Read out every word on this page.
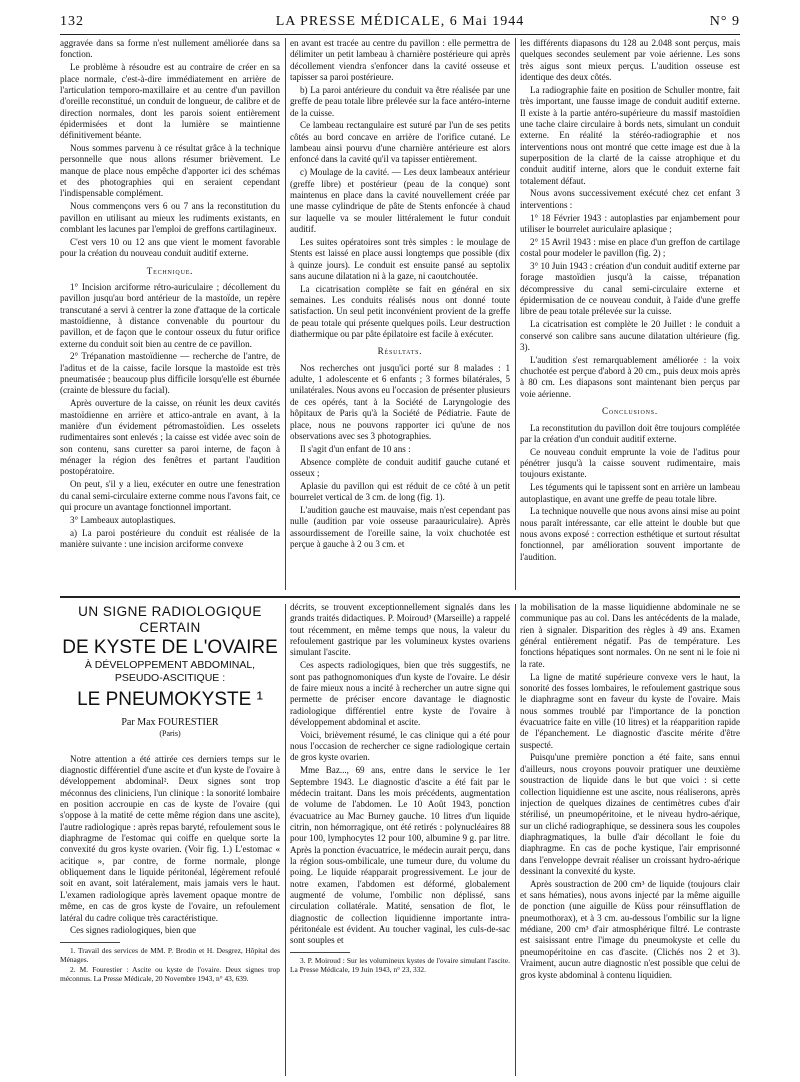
132	LA PRESSE MÉDICALE, 6 Mai 1944	N° 9

aggravée dans sa forme n'est nullement améliorée dans sa fonction.

Le problème à résoudre est au contraire de créer en sa place normale, c'est-à-dire immédiatement en arrière de l'articulation temporo-maxillaire et au centre d'un pavillon d'oreille reconstitué, un conduit de longueur, de calibre et de direction normales, dont les parois soient entièrement épidermisées et dont la lumière se maintienne définitivement béante.

Nous sommes parvenu à ce résultat grâce à la technique personnelle que nous allons résumer brièvement. Le manque de place nous empêche d'apporter ici des schémas et des photographies qui en seraient cependant l'indispensable complément.

Nous commençons vers 6 ou 7 ans la reconstitution du pavillon en utilisant au mieux les rudiments existants, en comblant les lacunes par l'emploi de greffons cartilagineux.

C'est vers 10 ou 12 ans que vient le moment favorable pour la création du nouveau conduit auditif externe.

Technique.

1° Incision arciforme rétro-auriculaire ; décollement du pavillon jusqu'au bord antérieur de la mastoïde, un repère transcutané a servi à centrer la zone d'attaque de la corticale mastoïdienne, à distance convenable du pourtour du pavillon, et de façon que le contour osseux du futur orifice externe du conduit soit bien au centre de ce pavillon.

2° Trépanation mastoïdienne — recherche de l'antre, de l'aditus et de la caisse, facile lorsque la mastoïde est très pneumatisée ; beaucoup plus difficile lorsqu'elle est éburnée (crainte de blessure du facial).

Après ouverture de la caisse, on réunit les deux cavités mastoïdienne en arrière et attico-antrale en avant, à la manière d'un évidement pétromastoïdien. Les osselets rudimentaires sont enlevés ; la caisse est vidée avec soin de son contenu, sans curetter sa paroi interne, de façon à ménager la région des fenêtres et partant l'audition postopératoire.

On peut, s'il y a lieu, exécuter en outre une fenestration du canal semi-circulaire externe comme nous l'avons fait, ce qui procure un avantage fonctionnel important.

3° Lambeaux autoplastiques.

a) La paroi postérieure du conduit est réalisée de la manière suivante : une incision arciforme convexe

en avant est tracée au centre du pavillon : elle permettra de délimiter un petit lambeau à charnière postérieure qui après décollement viendra s'enfoncer dans la cavité osseuse et tapisser sa paroi postérieure.

b) La paroi antérieure du conduit va être réalisée par une greffe de peau totale libre prélevée sur la face antéro-interne de la cuisse.

Ce lambeau rectangulaire est suturé par l'un de ses petits côtés au bord concave en arrière de l'orifice cutané. Le lambeau ainsi pourvu d'une charnière antérieure est alors enfoncé dans la cavité qu'il va tapisser entièrement.

c) Moulage de la cavité. — Les deux lambeaux antérieur (greffe libre) et postérieur (peau de la conque) sont maintenus en place dans la cavité nouvellement créée par une masse cylindrique de pâte de Stents enfoncée à chaud sur laquelle va se mouler littéralement le futur conduit auditif.

Les suites opératoires sont très simples : le moulage de Stents est laissé en place aussi longtemps que possible (dix à quinze jours). Le conduit est ensuite pansé au septolix sans aucune dilatation ni à la gaze, ni caoutchoutée.

La cicatrisation complète se fait en général en six semaines. Les conduits réalisés nous ont donné toute satisfaction. Un seul petit inconvénient provient de la greffe de peau totale qui présente quelques poils. Leur destruction diathermique ou par pâte épilatoire est facile à exécuter.

Résultats.

Nos recherches ont jusqu'ici porté sur 8 malades : 1 adulte, 1 adolescente et 6 enfants ; 3 formes bilatérales, 5 unilatérales. Nous avons eu l'occasion de présenter plusieurs de ces opérés, tant à la Société de Laryngologie des hôpitaux de Paris qu'à la Société de Pédiatrie. Faute de place, nous ne pouvons rapporter ici qu'une de nos observations avec ses 3 photographies.

Il s'agit d'un enfant de 10 ans :

Absence complète de conduit auditif gauche cutané et osseux ;

Aplasie du pavillon qui est réduit de ce côté à un petit bourrelet vertical de 3 cm. de long (fig. 1).

L'audition gauche est mauvaise, mais n'est cependant pas nulle (audition par voie osseuse paraauriculaire). Après assourdissement de l'oreille saine, la voix chuchotée est perçue à gauche à 2 ou 3 cm. et

les différents diapasons du 128 au 2.048 sont perçus, mais quelques secondes seulement par voie aérienne. Les sons très aigus sont mieux perçus. L'audition osseuse est identique des deux côtés.

La radiographie faite en position de Schuller montre, fait très important, une fausse image de conduit auditif externe. Il existe à la partie antéro-supérieure du massif mastoïdien une tache claire circulaire à bords nets, simulant un conduit externe. En réalité la stéréo-radiographie et nos interventions nous ont montré que cette image est due à la superposition de la clarté de la caisse atrophique et du conduit auditif interne, alors que le conduit externe fait totalement défaut.

Nous avons successivement exécuté chez cet enfant 3 interventions :

1° 18 Février 1943 : autoplasties par enjambement pour utiliser le bourrelet auriculaire aplasique ;

2° 15 Avril 1943 : mise en place d'un greffon de cartilage costal pour modeler le pavillon (fig. 2) ;

3° 10 Juin 1943 : création d'un conduit auditif externe par forage mastoïdien jusqu'à la caisse, trépanation décompressive du canal semi-circulaire externe et épidermisation de ce nouveau conduit, à l'aide d'une greffe libre de peau totale prélevée sur la cuisse.

La cicatrisation est complète le 20 Juillet : le conduit a conservé son calibre sans aucune dilatation ultérieure (fig. 3).

L'audition s'est remarquablement améliorée : la voix chuchotée est perçue d'abord à 20 cm., puis deux mois après à 80 cm. Les diapasons sont maintenant bien perçus par voie aérienne.

Conclusions.

La reconstitution du pavillon doit être toujours complétée par la création d'un conduit auditif externe.

Ce nouveau conduit emprunte la voie de l'aditus pour pénétrer jusqu'à la caisse souvent rudimentaire, mais toujours existante.

Les téguments qui le tapissent sont en arrière un lambeau autoplastique, en avant une greffe de peau totale libre.

La technique nouvelle que nous avons ainsi mise au point nous paraît intéressante, car elle atteint le double but que nous avons exposé : correction esthétique et surtout résultat fonctionnel, par amélioration souvent importante de l'audition.

UN SIGNE RADIOLOGIQUE CERTAIN
DE KYSTE DE L'OVAIRE
À DÉVELOPPEMENT ABDOMINAL,
PSEUDO-ASCITIQUE :
LE PNEUMOKYSTE ¹
Par Max FOURESTIER
(Paris)

Notre attention a été attirée ces derniers temps sur le diagnostic différentiel d'une ascite et d'un kyste de l'ovaire à développement abdominal². Deux signes sont trop méconnus des cliniciens, l'un clinique : la sonorité lombaire en position accroupie en cas de kyste de l'ovaire (qui s'oppose à la matité de cette même région dans une ascite), l'autre radiologique : après repas baryté, refoulement sous le diaphragme de l'estomac qui coiffe en quelque sorte la convexité du gros kyste ovarien. (Voir fig. 1.) L'estomac « acitique », par contre, de forme normale, plonge obliquement dans le liquide péritonéal, légèrement refoulé soit en avant, soit latéralement, mais jamais vers le haut. L'examen radiologique après lavement opaque montre de même, en cas de gros kyste de l'ovaire, un refoulement latéral du cadre colique très caractéristique.

Ces signes radiologiques, bien que

1. Travail des services de MM. P. Brodin et H. Desgrez, Hôpital des Ménages.

2. M. Fourestier : Ascite ou kyste de l'ovaire. Deux signes trop méconnus. La Presse Médicale, 20 Novembre 1943, n° 43, 639.

décrits, se trouvent exceptionnellement signalés dans les grands traités didactiques. P. Moiroud³ (Marseille) a rappelé tout récemment, en même temps que nous, la valeur du refoulement gastrique par les volumineux kystes ovariens simulant l'ascite.

Ces aspects radiologiques, bien que très suggestifs, ne sont pas pathognomoniques d'un kyste de l'ovaire. Le désir de faire mieux nous a incité à rechercher un autre signe qui permette de préciser encore davantage le diagnostic radiologique différentiel entre kyste de l'ovaire à développement abdominal et ascite.

Voici, brièvement résumé, le cas clinique qui a été pour nous l'occasion de rechercher ce signe radiologique certain de gros kyste ovarien.

Mme Baz..., 69 ans, entre dans le service le 1er Septembre 1943. Le diagnostic d'ascite a été fait par le médecin traitant. Dans les mois précédents, augmentation de volume de l'abdomen. Le 10 Août 1943, ponction évacuatrice au Mac Burney gauche. 10 litres d'un liquide citrin, non hémorragique, ont été retirés : polynucléaires 88 pour 100, lymphocytes 12 pour 100, albumine 9 g. par litre. Après la ponction évacuatrice, le médecin aurait perçu, dans la région sous-ombilicale, une tumeur dure, du volume du poing. Le liquide réapparait progressivement. Le jour de notre examen, l'abdomen est déformé, globalement augmenté de volume, l'ombilic non déplissé, sans circulation collatérale. Matité, sensation de flot, le diagnostic de collection liquidienne importante intra-péritonéale est évident. Au toucher vaginal, les culs-de-sac sont souples et

3. P. Moiroud : Sur les volumineux kystes de l'ovaire simulant l'ascite. La Presse Médicale, 19 Juin 1943, n° 23, 332.

la mobilisation de la masse liquidienne abdominale ne se communique pas au col. Dans les antécédents de la malade, rien à signaler. Disparition des règles à 49 ans. Examen général entièrement négatif. Pas de température. Les fonctions hépatiques sont normales. On ne sent ni le foie ni la rate.

La ligne de matité supérieure convexe vers le haut, la sonorité des fosses lombaires, le refoulement gastrique sous le diaphragme sont en faveur du kyste de l'ovaire. Mais nous sommes troublé par l'importance de la ponction évacuatrice faite en ville (10 litres) et la réapparition rapide de l'épanchement. Le diagnostic d'ascite mérite d'être suspecté.

Puisqu'une première ponction a été faite, sans ennui d'ailleurs, nous croyons pouvoir pratiquer une deuxième soustraction de liquide dans le but que voici : si cette collection liquidienne est une ascite, nous réaliserons, après injection de quelques dizaines de centimètres cubes d'air stérilisé, un pneumopéritoine, et le niveau hydro-aérique, sur un cliché radiographique, se dessinera sous les coupoles diaphragmatiques, la bulle d'air décollant le foie du diaphragme. En cas de poche kystique, l'air emprisonné dans l'enveloppe devrait réaliser un croissant hydro-aérique dessinant la convexité du kyste.

Après soustraction de 200 cm³ de liquide (toujours clair et sans hématies), nous avons injecté par la même aiguille de ponction (une aiguille de Küss pour réinsufflation de pneumothorax), et à 3 cm. au-dessous l'ombilic sur la ligne médiane, 200 cm³ d'air atmosphérique filtré. Le contraste est saisissant entre l'image du pneumokyste et celle du pneumopéritoine en cas d'ascite. (Clichés nos 2 et 3). Vraiment, aucun autre diagnostic n'est possible que celui de gros kyste abdominal à contenu liquidien.
